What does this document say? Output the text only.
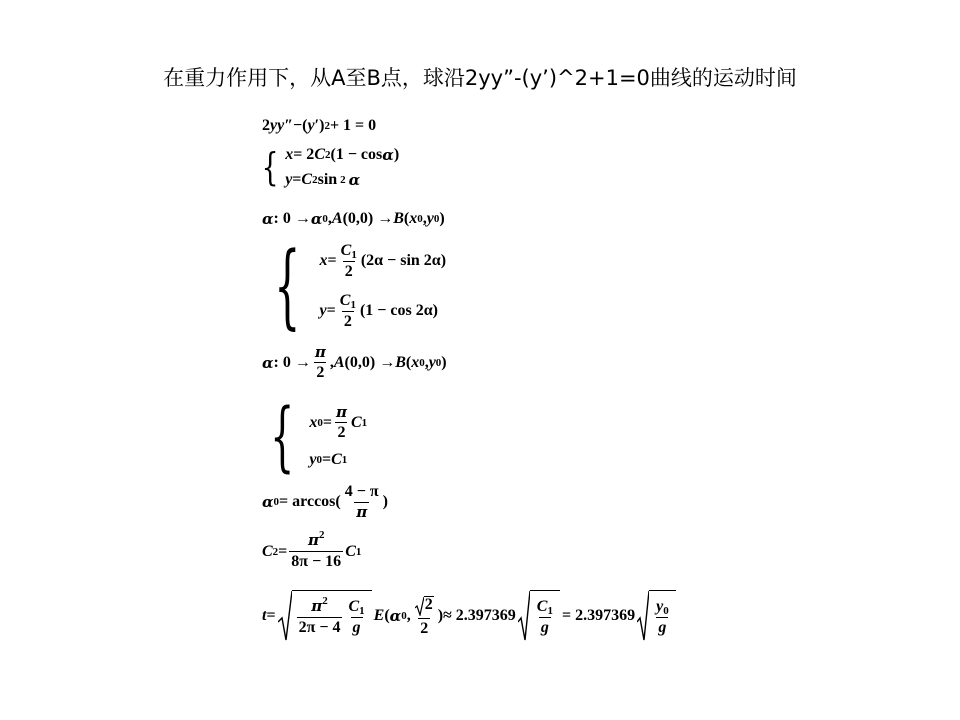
在重力作用下，从A至B点，球沿2yy”-(y’)^2+1=0曲线的运动时间
2 yy ″ −( y ′ ) 2 + 1 = 0
{ x = 2 C 2 (1 − cos α )
y = C 2 sin 2 α
α : 0 → α 0 , A (0,0) → B ( x 0 , y 0 )
{ $x = \frac{C_1}{2} (2\alpha - \sin 2\alpha)$
$y = \frac{C_1}{2} (1 - \cos 2\alpha)$
α : $0 \to \frac{\pi}{2}$ , A (0,0) → B ( x 0 , y 0 )
{ x $0 = \frac{\pi}{2}$ C 1
y 0 = C 1
α $0 = \arccos( \frac{4 - \pi}{\pi}$ )
C $2 = \frac{\pi^2}{8\pi - 16}$ C 1
$t = \frac{\pi^2}{2\pi - 4} \frac{C_1}{g}$ E ( α 0 , $\frac{2}{2}$ ) ≈ $2.397369 \frac{C_1}{g} = 2.397369 \frac{y_0}{g}$
